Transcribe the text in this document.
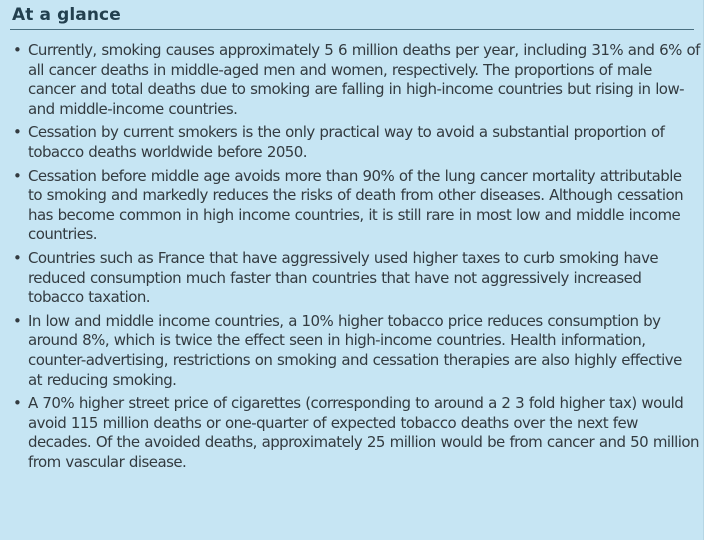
At a glance
• Currently, smoking causes approximately 5 6 million deaths per year, including 31% and 6% of all cancer deaths in middle-aged men and women, respectively. The proportions of male cancer and total deaths due to smoking are falling in high-income countries but rising in low- and middle-income countries.
• Cessation by current smokers is the only practical way to avoid a substantial proportion of tobacco deaths worldwide before 2050.
• Cessation before middle age avoids more than 90% of the lung cancer mortality attributable to smoking and markedly reduces the risks of death from other diseases. Although cessation has become common in high income countries, it is still rare in most low and middle income countries.
• Countries such as France that have aggressively used higher taxes to curb smoking have reduced consumption much faster than countries that have not aggressively increased tobacco taxation.
• In low and middle income countries, a 10% higher tobacco price reduces consumption by around 8%, which is twice the effect seen in high-income countries. Health information, counter-advertising, restrictions on smoking and cessation therapies are also highly effective at reducing smoking.
• A 70% higher street price of cigarettes (corresponding to around a 2 3 fold higher tax) would avoid 115 million deaths or one-quarter of expected tobacco deaths over the next few decades. Of the avoided deaths, approximately 25 million would be from cancer and 50 million from vascular disease.
